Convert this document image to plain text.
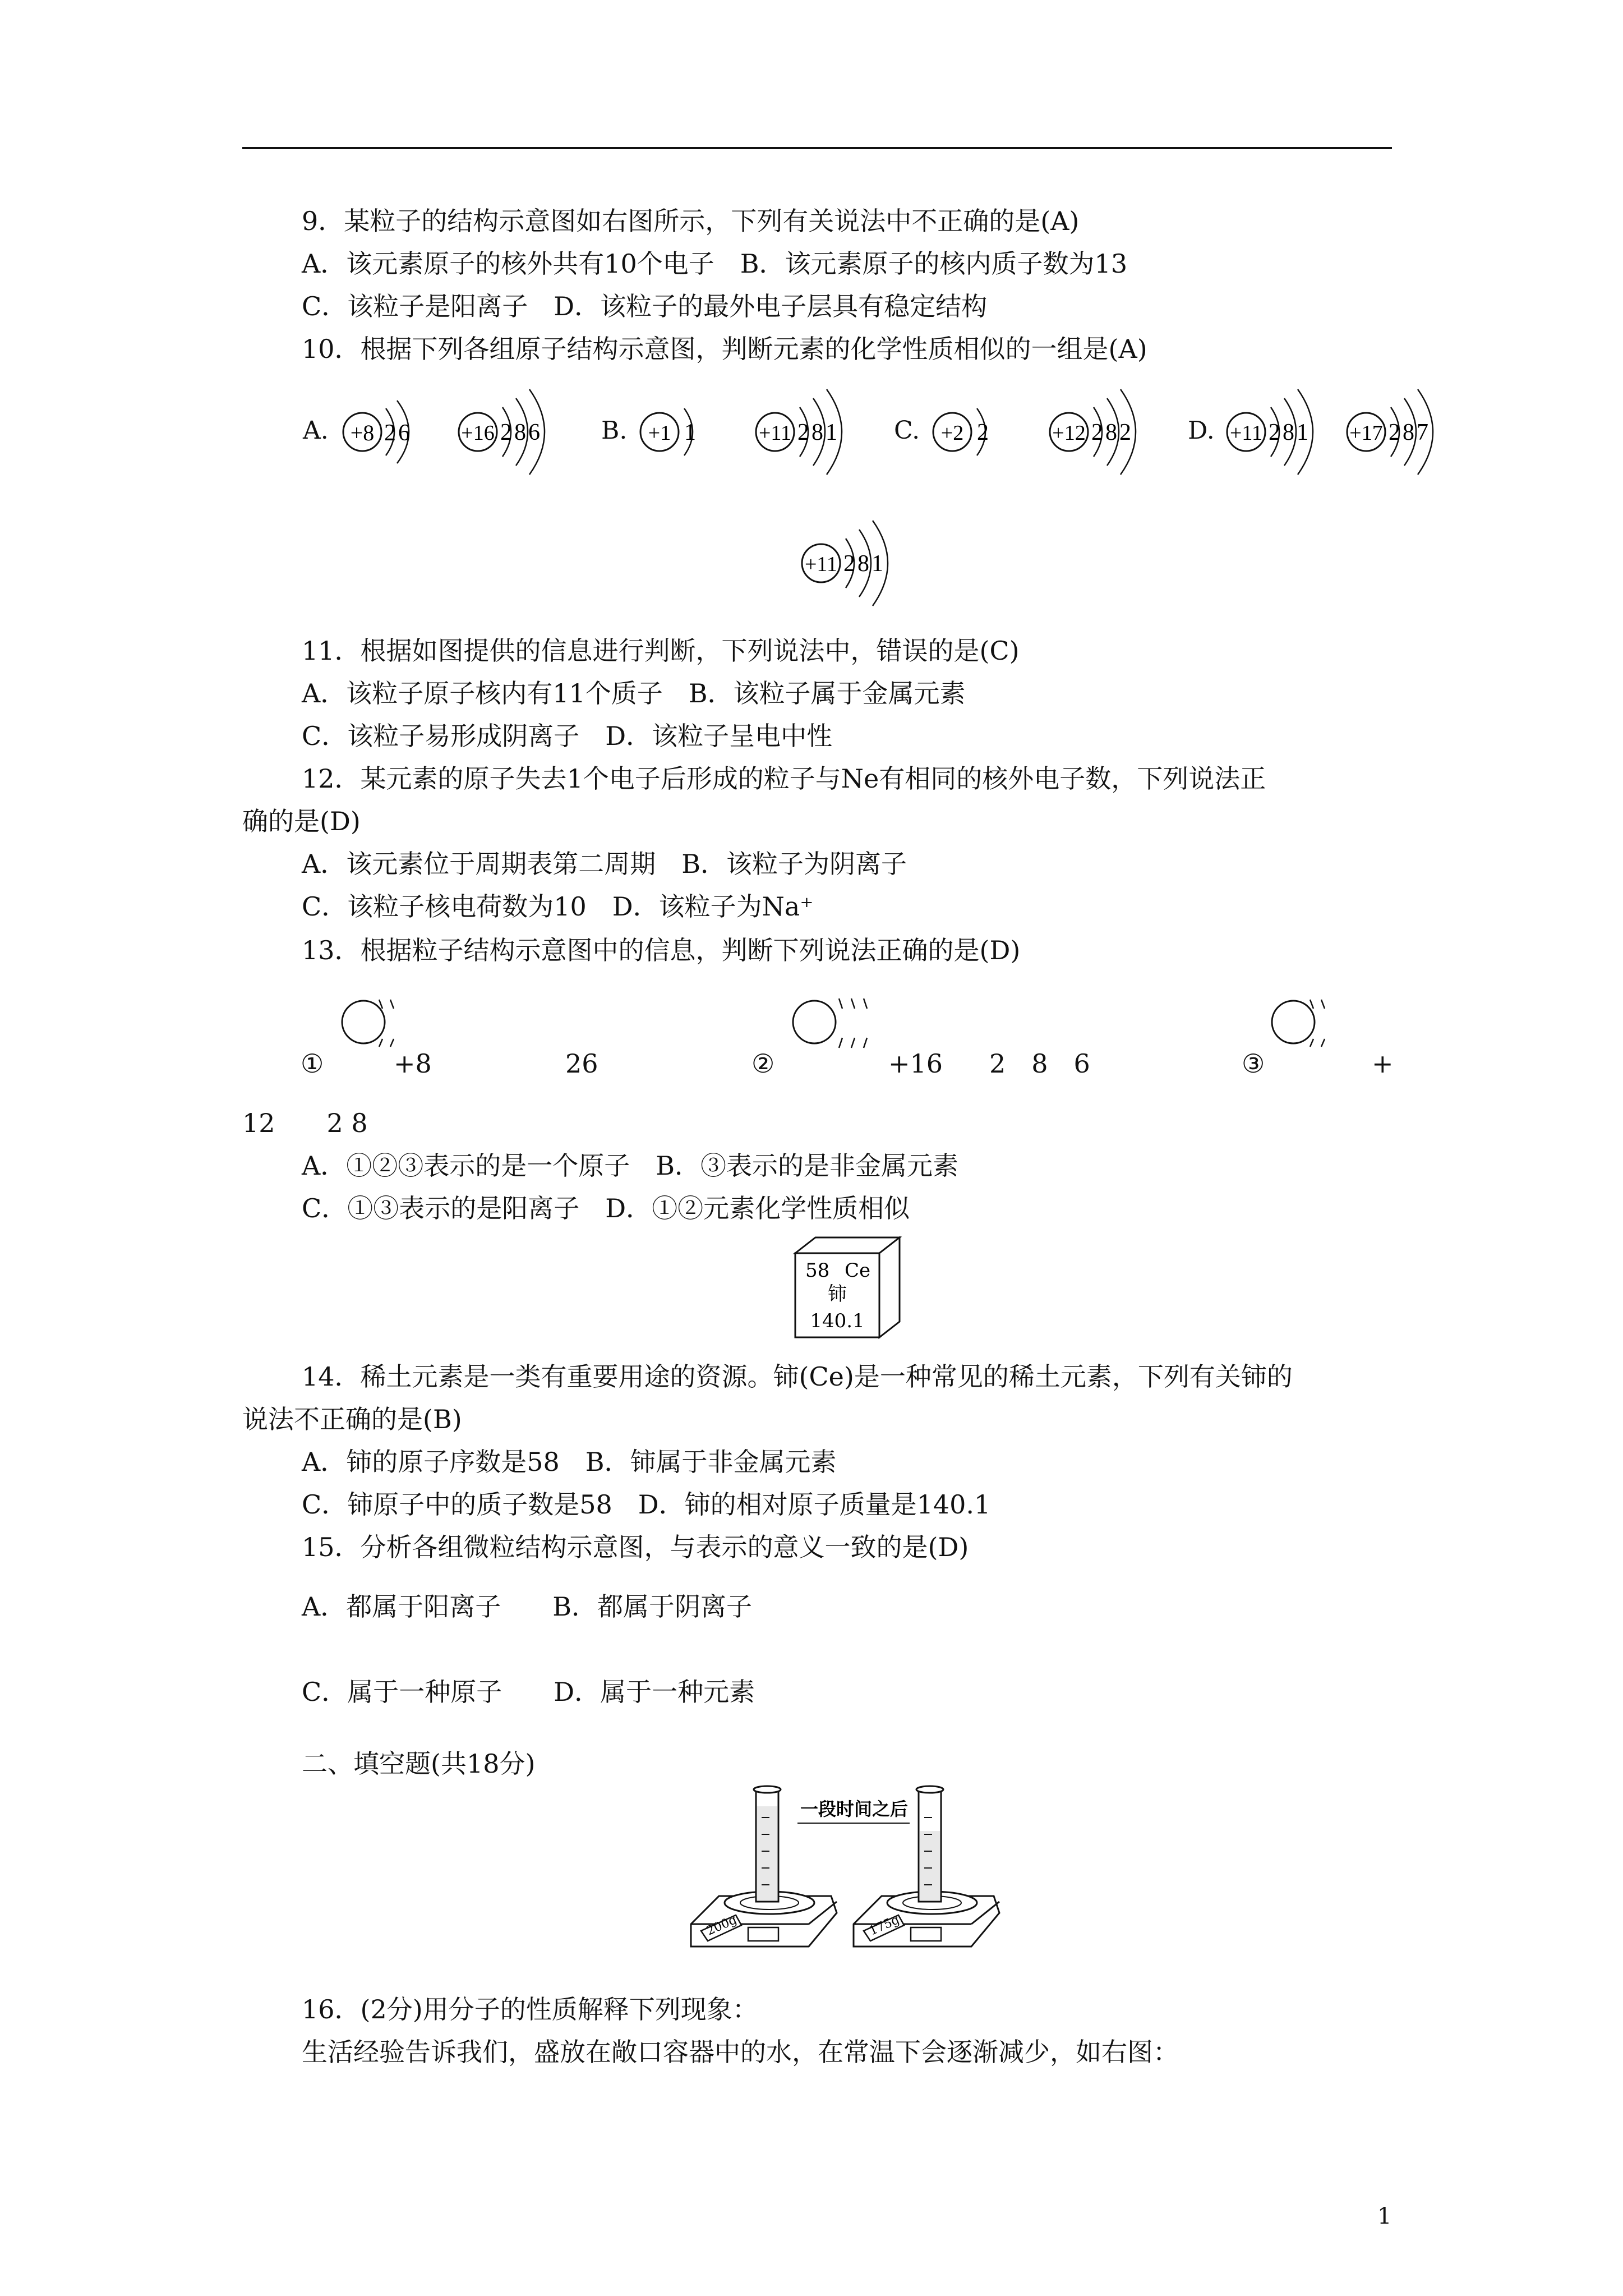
9．某粒子的结构示意图如右图所示，下列有关说法中不正确的是(A)
A．该元素原子的核外共有10个电子　B．该元素原子的核内质子数为13
C．该粒子是阳离子　D．该粒子的最外电子层具有稳定结构
10．根据下列各组原子结构示意图，判断元素的化学性质相似的一组是(A)
A.	B.	C.	D.
+8 26 +16 286	+1 1	+11 281	+2 2	+12 282	+11 281 +17 287
+11 281
11．根据如图提供的信息进行判断，下列说法中，错误的是(C)
A．该粒子原子核内有11个质子　B．该粒子属于金属元素
C．该粒子易形成阴离子　D．该粒子呈电中性
12．某元素的原子失去1个电子后形成的粒子与Ne有相同的核外电子数，下列说法正
确的是(D)
A．该元素位于周期表第二周期　B．该粒子为阴离子
C．该粒子核电荷数为10　D．该粒子为Na⁺
13．根据粒子结构示意图中的信息，判断下列说法正确的是(D)
①	+8	26	②	+16 2　8　6	③	+
12　　2 8
A．①②③表示的是一个原子　B．③表示的是非金属元素
C．①③表示的是阳离子　D．①②元素化学性质相似
58 Ce
铈
140.1
14．稀土元素是一类有重要用途的资源。铈(Ce)是一种常见的稀土元素，下列有关铈的
说法不正确的是(B)
A．铈的原子序数是58　B．铈属于非金属元素
C．铈原子中的质子数是58　D．铈的相对原子质量是140.1
15．分析各组微粒结构示意图，与表示的意义一致的是(D)
A．都属于阳离子　　B．都属于阴离子
C．属于一种原子　　D．属于一种元素
二、填空题(共18分)
200g
一段时间之后
175g
16．(2分)用分子的性质解释下列现象：
生活经验告诉我们，盛放在敞口容器中的水，在常温下会逐渐减少，如右图：
1
